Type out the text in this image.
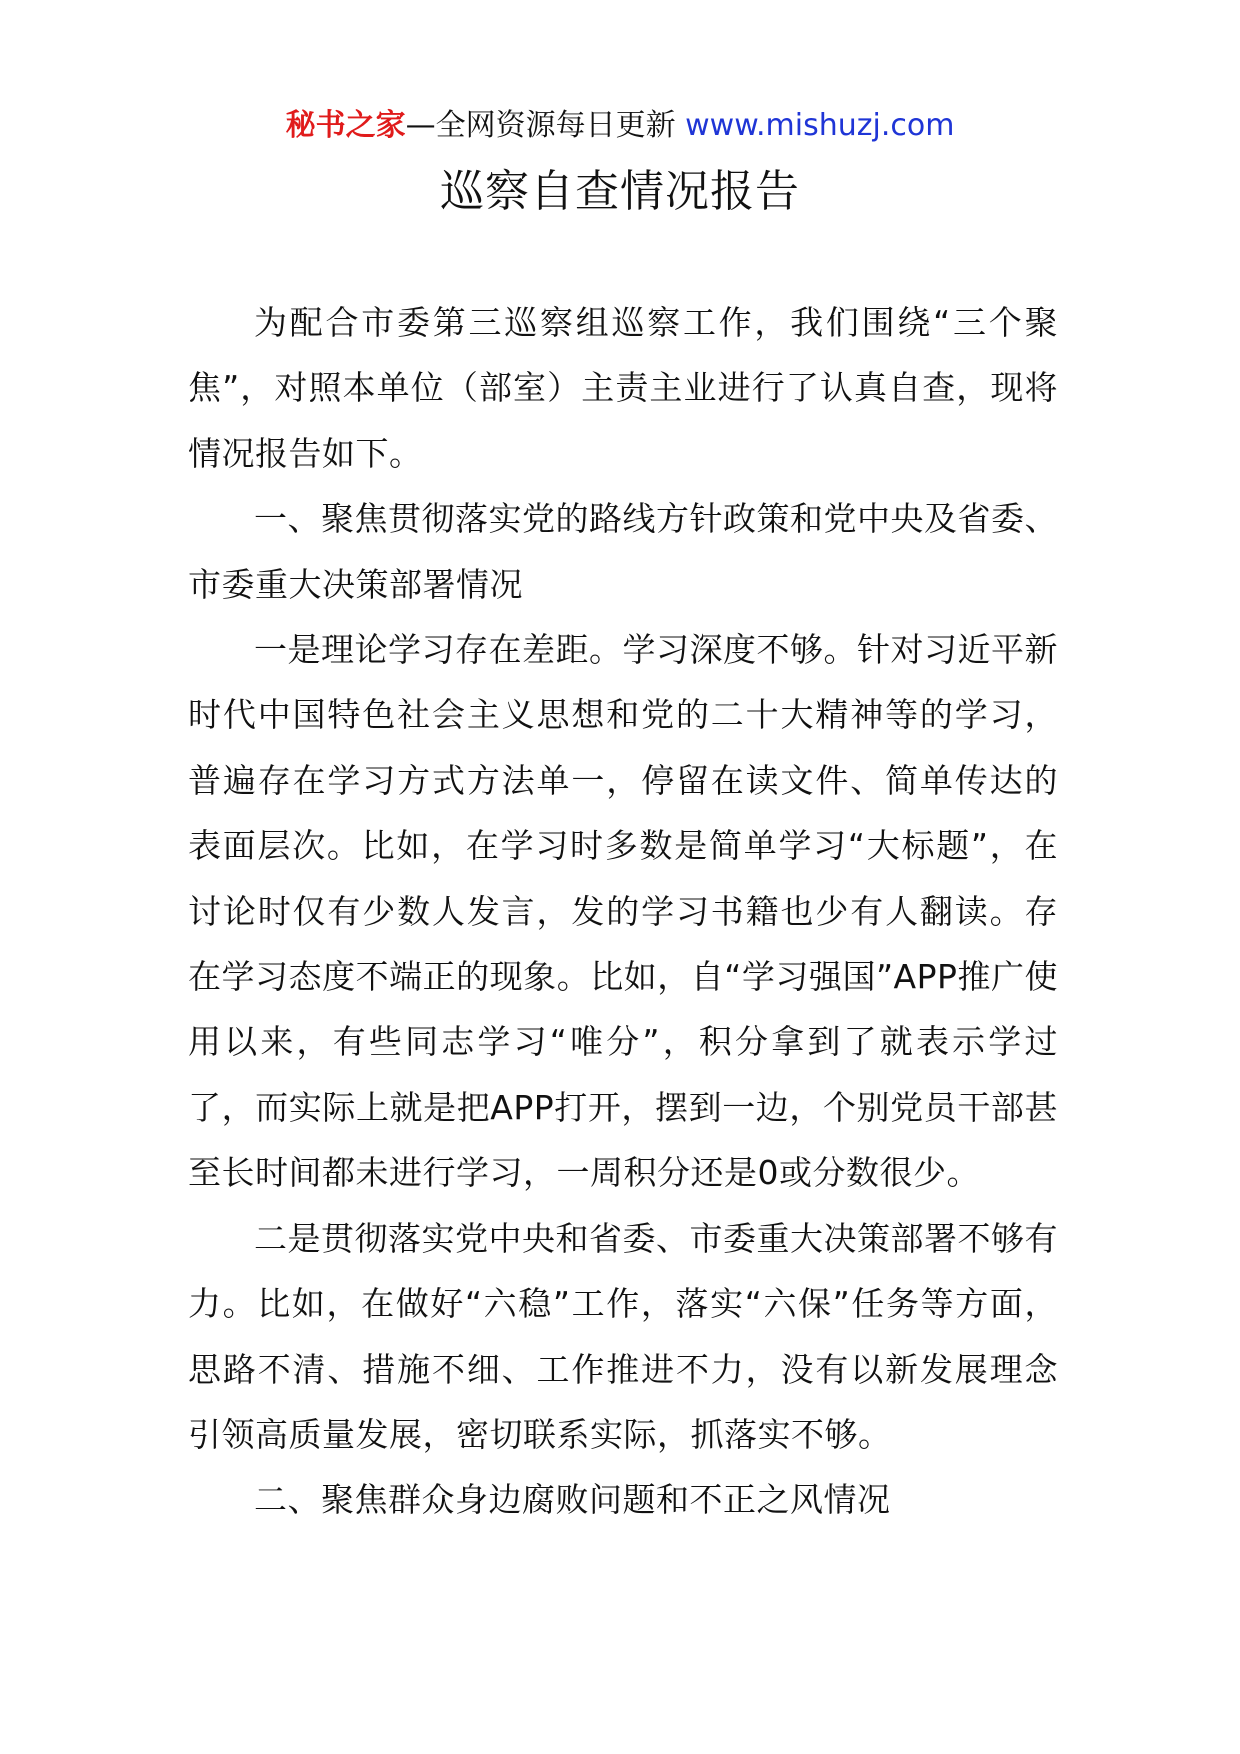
秘书之家—全网资源每日更新 www.mishuzj.com
巡察自查情况报告

为配合市委第三巡察组巡察工作，我们围绕“三个聚焦”，对照本单位（部室）主责主业进行了认真自查，现将情况报告如下。

一、聚焦贯彻落实党的路线方针政策和党中央及省委、市委重大决策部署情况

一是理论学习存在差距。学习深度不够。针对习近平新时代中国特色社会主义思想和党的二十大精神等的学习，普遍存在学习方式方法单一，停留在读文件、简单传达的表面层次。比如，在学习时多数是简单学习“大标题”，在讨论时仅有少数人发言，发的学习书籍也少有人翻读。存在学习态度不端正的现象。比如，自“学习强国”APP推广使用以来，有些同志学习“唯分”，积分拿到了就表示学过了，而实际上就是把APP打开，摆到一边，个别党员干部甚至长时间都未进行学习，一周积分还是0或分数很少。

二是贯彻落实党中央和省委、市委重大决策部署不够有力。比如，在做好“六稳”工作，落实“六保”任务等方面，思路不清、措施不细、工作推进不力，没有以新发展理念引领高质量发展，密切联系实际，抓落实不够。

二、聚焦群众身边腐败问题和不正之风情况
